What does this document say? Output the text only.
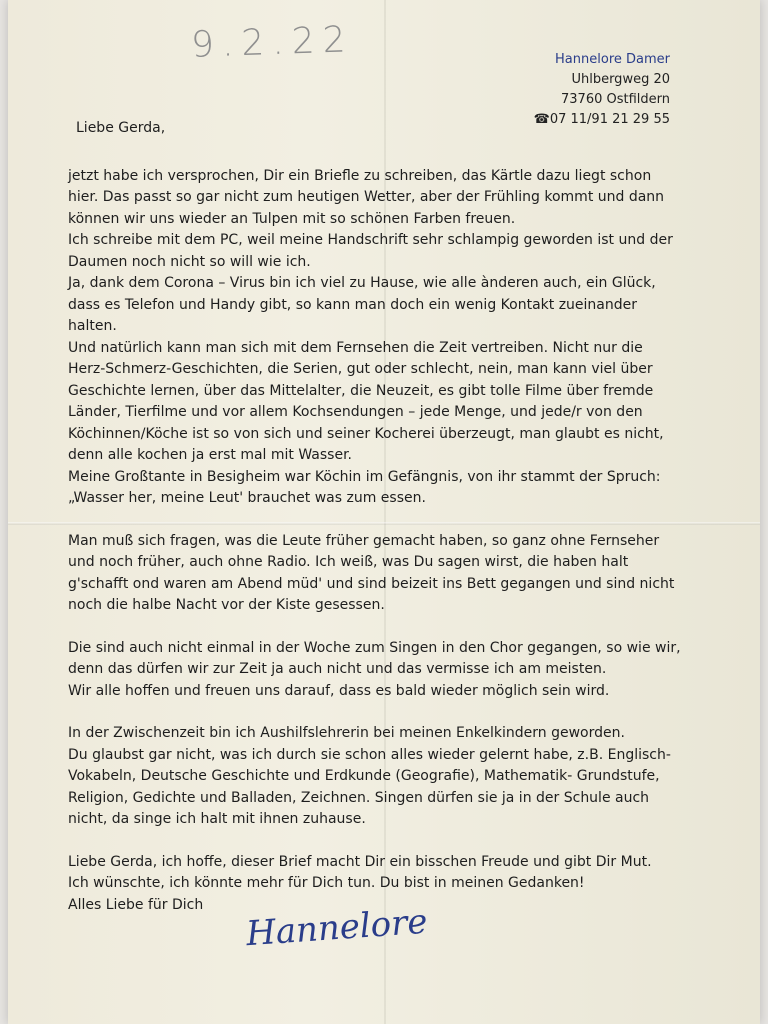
9.2.22	Hannelore Damer
Uhlbergweg 20
73760 Ostfildern
☎07 11/91 21 29 55
Liebe Gerda,
jetzt habe ich versprochen, Dir ein Briefle zu schreiben, das Kärtle dazu liegt schon
hier. Das passt so gar nicht zum heutigen Wetter, aber der Frühling kommt und dann
können wir uns wieder an Tulpen mit so schönen Farben freuen.
Ich schreibe mit dem PC, weil meine Handschrift sehr schlampig geworden ist und der
Daumen noch nicht so will wie ich.
Ja, dank dem Corona – Virus bin ich viel zu Hause, wie alle ànderen auch, ein Glück,
dass es Telefon und Handy gibt, so kann man doch ein wenig Kontakt zueinander
halten.
Und natürlich kann man sich mit dem Fernsehen die Zeit vertreiben. Nicht nur die
Herz-Schmerz-Geschichten, die Serien, gut oder schlecht, nein, man kann viel über
Geschichte lernen, über das Mittelalter, die Neuzeit, es gibt tolle Filme über fremde
Länder, Tierfilme und vor allem Kochsendungen – jede Menge, und jede/r von den
Köchinnen/Köche ist so von sich und seiner Kocherei überzeugt, man glaubt es nicht,
denn alle kochen ja erst mal mit Wasser.
Meine Großtante in Besigheim war Köchin im Gefängnis, von ihr stammt der Spruch:
„Wasser her, meine Leut' brauchet was zum essen.
Man muß sich fragen, was die Leute früher gemacht haben, so ganz ohne Fernseher
und noch früher, auch ohne Radio. Ich weiß, was Du sagen wirst, die haben halt
g'schafft ond waren am Abend müd' und sind beizeit ins Bett gegangen und sind nicht
noch die halbe Nacht vor der Kiste gesessen.
Die sind auch nicht einmal in der Woche zum Singen in den Chor gegangen, so wie wir,
denn das dürfen wir zur Zeit ja auch nicht und das vermisse ich am meisten.
Wir alle hoffen und freuen uns darauf, dass es bald wieder möglich sein wird.
In der Zwischenzeit bin ich Aushilfslehrerin bei meinen Enkelkindern geworden.
Du glaubst gar nicht, was ich durch sie schon alles wieder gelernt habe, z.B. Englisch-
Vokabeln, Deutsche Geschichte und Erdkunde (Geografie), Mathematik- Grundstufe,
Religion, Gedichte und Balladen, Zeichnen. Singen dürfen sie ja in der Schule auch
nicht, da singe ich halt mit ihnen zuhause.
Liebe Gerda, ich hoffe, dieser Brief macht Dir ein bisschen Freude und gibt Dir Mut.
Ich wünschte, ich könnte mehr für Dich tun. Du bist in meinen Gedanken!
Alles Liebe für Dich	Hannelore
